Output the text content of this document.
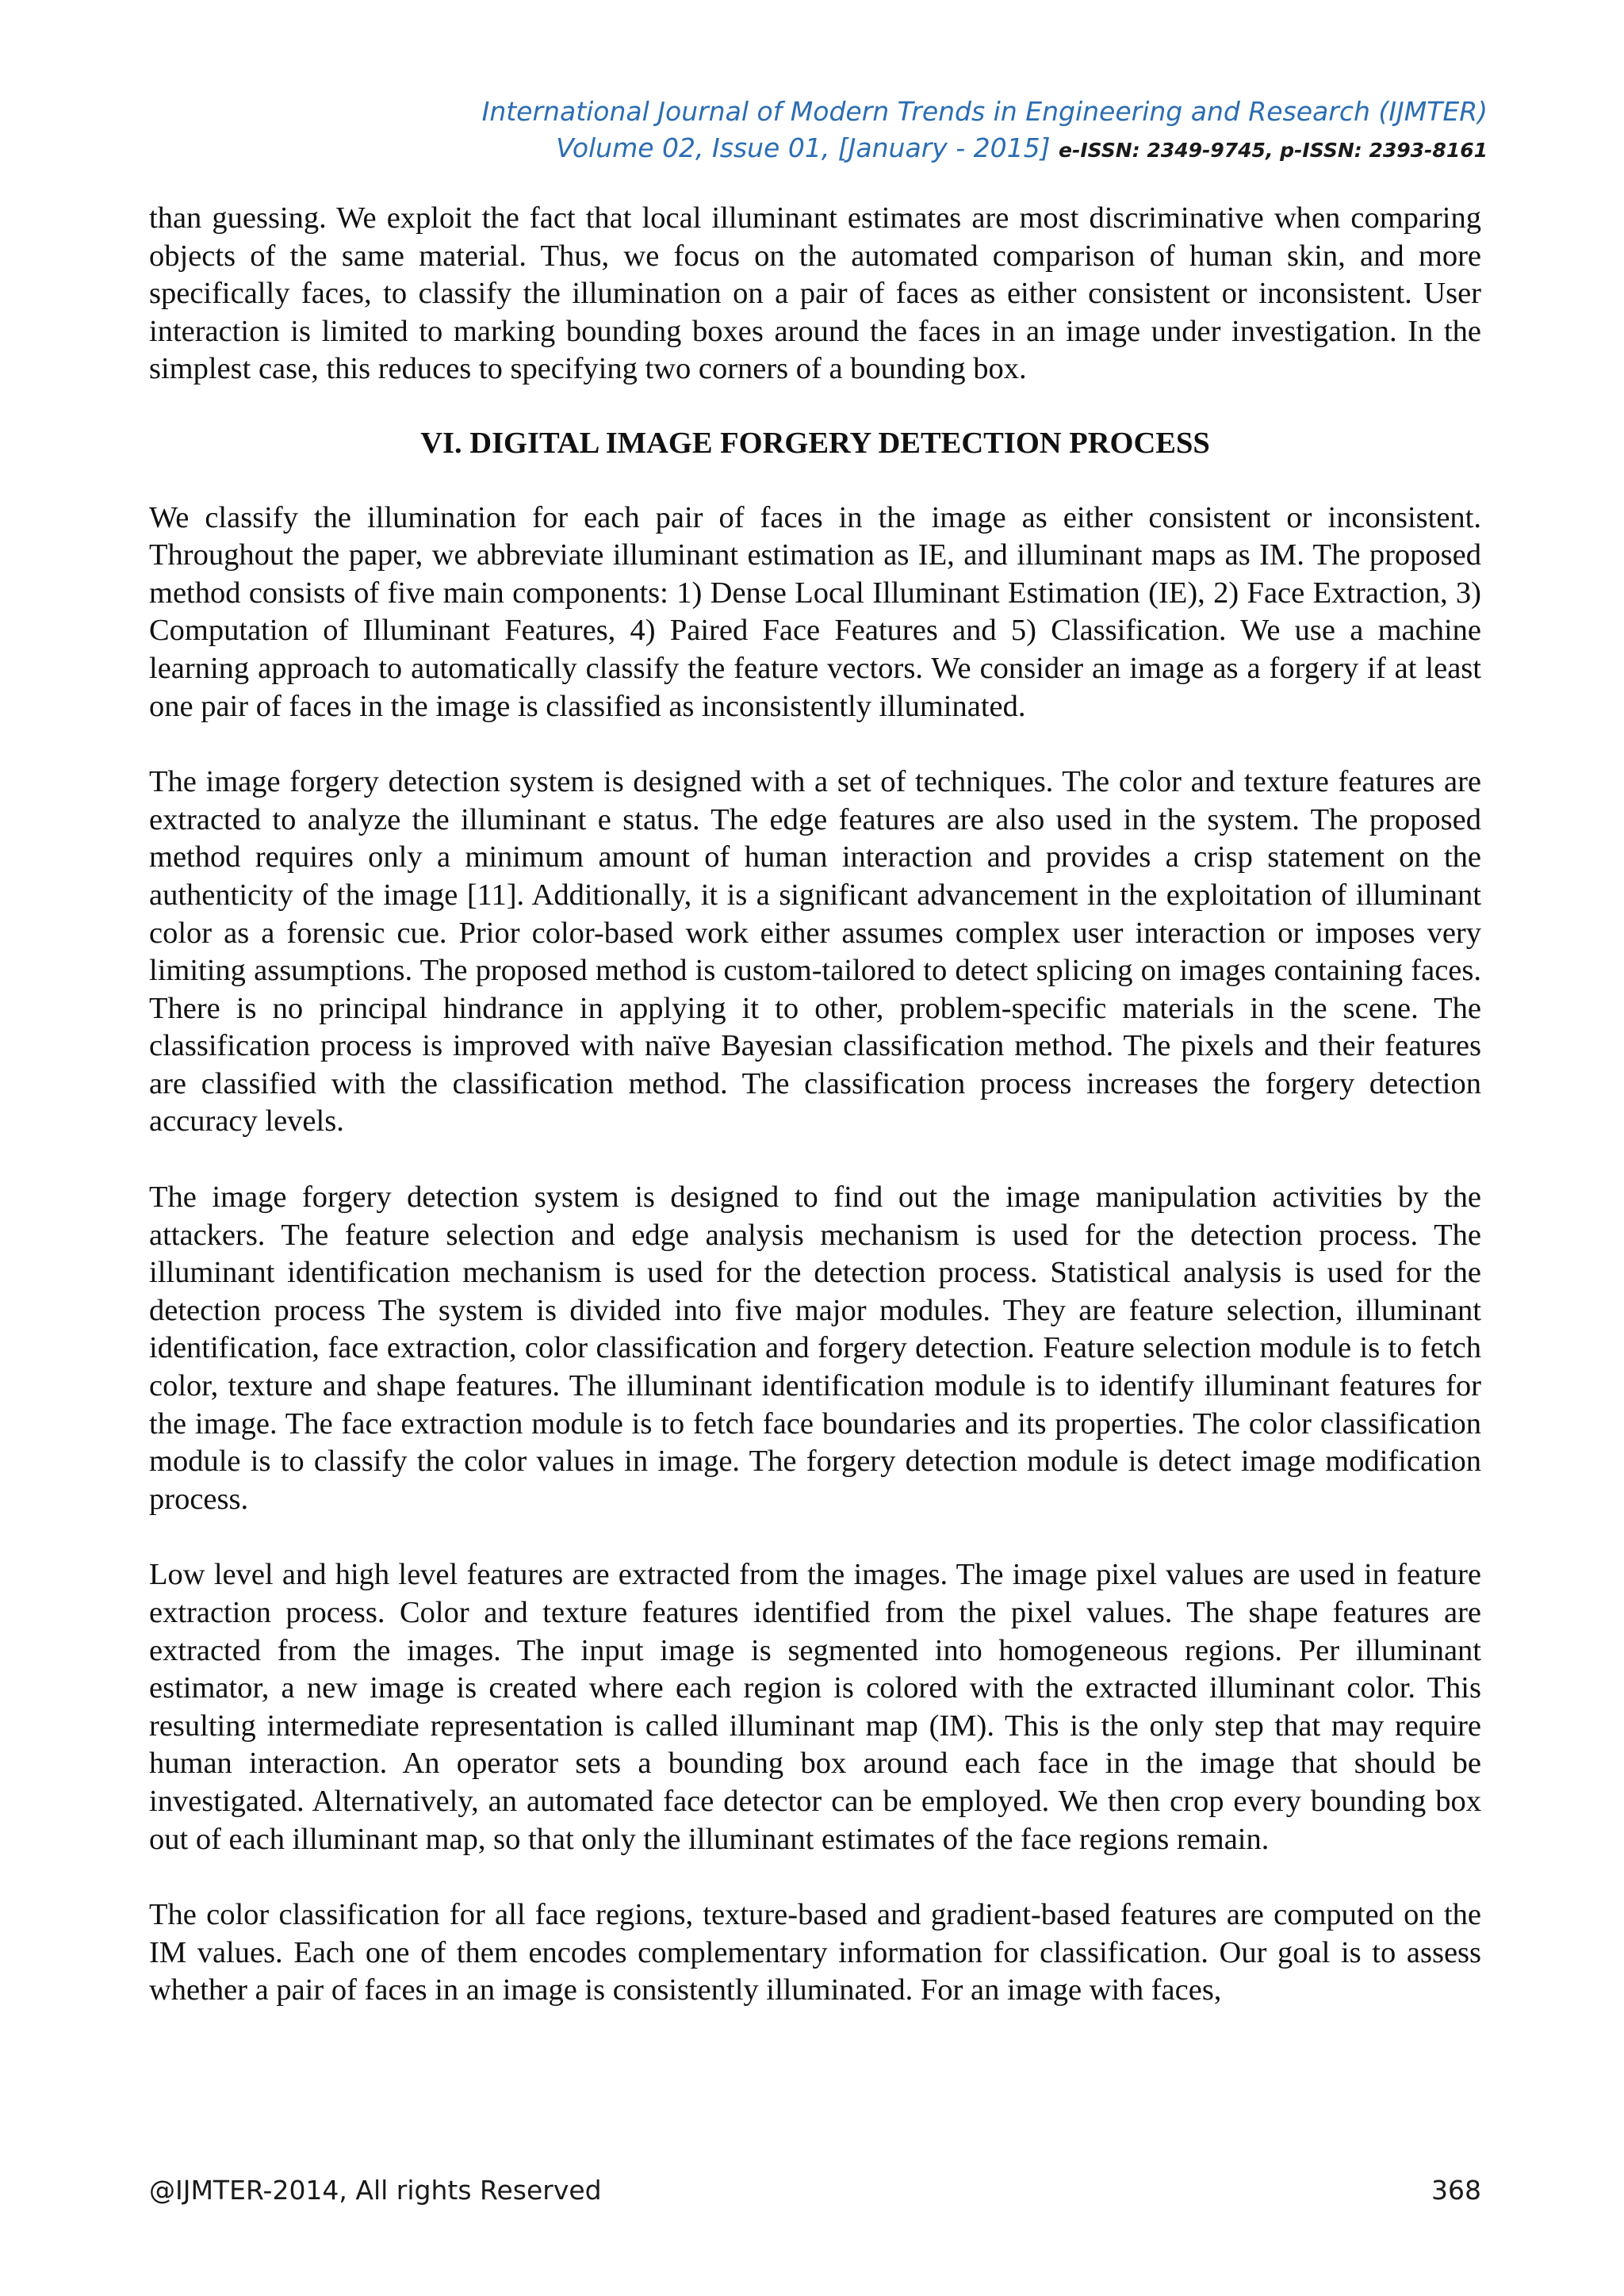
International Journal of Modern Trends in Engineering and Research (IJMTER)
Volume 02, Issue 01, [January - 2015] e-ISSN: 2349-9745, p-ISSN: 2393-8161

than guessing. We exploit the fact that local illuminant estimates are most discriminative when comparing objects of the same material. Thus, we focus on the automated comparison of human skin, and more specifically faces, to classify the illumination on a pair of faces as either consistent or inconsistent. User interaction is limited to marking bounding boxes around the faces in an image under investigation. In the simplest case, this reduces to specifying two corners of a bounding box.

VI. DIGITAL IMAGE FORGERY DETECTION PROCESS

We classify the illumination for each pair of faces in the image as either consistent or inconsistent. Throughout the paper, we abbreviate illuminant estimation as IE, and illuminant maps as IM. The proposed method consists of five main components: 1) Dense Local Illuminant Estimation (IE), 2) Face Extraction, 3) Computation of Illuminant Features, 4) Paired Face Features and 5) Classification. We use a machine learning approach to automatically classify the feature vectors. We consider an image as a forgery if at least one pair of faces in the image is classified as inconsistently illuminated.

The image forgery detection system is designed with a set of techniques. The color and texture features are extracted to analyze the illuminant e status. The edge features are also used in the system. The proposed method requires only a minimum amount of human interaction and provides a crisp statement on the authenticity of the image [11]. Additionally, it is a significant advancement in the exploitation of illuminant color as a forensic cue. Prior color-based work either assumes complex user interaction or imposes very limiting assumptions. The proposed method is custom-tailored to detect splicing on images containing faces. There is no principal hindrance in applying it to other, problem-specific materials in the scene. The classification process is improved with naïve Bayesian classification method. The pixels and their features are classified with the classification method. The classification process increases the forgery detection accuracy levels.

The image forgery detection system is designed to find out the image manipulation activities by the attackers. The feature selection and edge analysis mechanism is used for the detection process. The illuminant identification mechanism is used for the detection process. Statistical analysis is used for the detection process The system is divided into five major modules. They are feature selection, illuminant identification, face extraction, color classification and forgery detection. Feature selection module is to fetch color, texture and shape features. The illuminant identification module is to identify illuminant features for the image. The face extraction module is to fetch face boundaries and its properties. The color classification module is to classify the color values in image. The forgery detection module is detect image modification process.

Low level and high level features are extracted from the images. The image pixel values are used in feature extraction process. Color and texture features identified from the pixel values. The shape features are extracted from the images. The input image is segmented into homogeneous regions. Per illuminant estimator, a new image is created where each region is colored with the extracted illuminant color. This resulting intermediate representation is called illuminant map (IM). This is the only step that may require human interaction. An operator sets a bounding box around each face in the image that should be investigated. Alternatively, an automated face detector can be employed. We then crop every bounding box out of each illuminant map, so that only the illuminant estimates of the face regions remain.

The color classification for all face regions, texture-based and gradient-based features are computed on the IM values. Each one of them encodes complementary information for classification. Our goal is to assess whether a pair of faces in an image is consistently illuminated. For an image with faces,

@IJMTER-2014, All rights Reserved	368
